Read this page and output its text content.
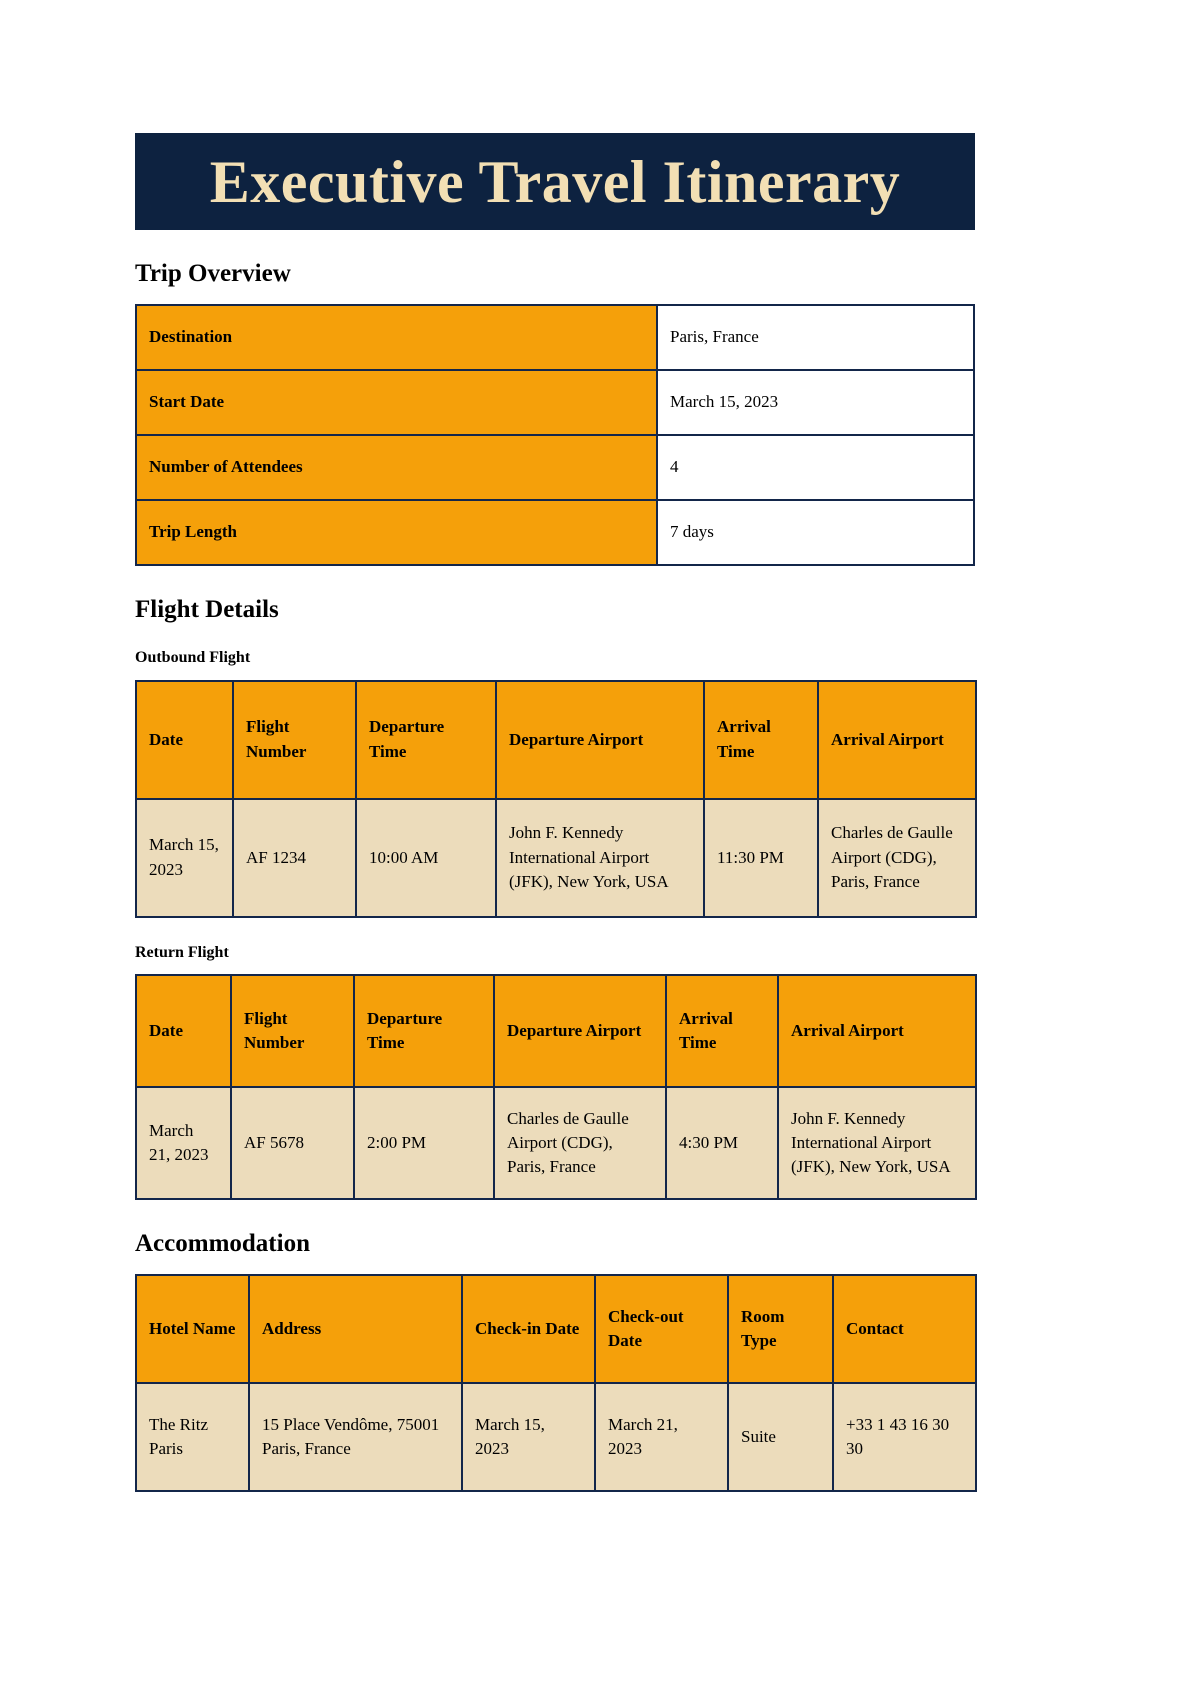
Executive Travel Itinerary
Trip Overview
Destination	Paris, France
Start Date	March 15, 2023
Number of Attendees	4
Trip Length	7 days
Flight Details
Outbound Flight
Date	Flight Number	Departure Time	Departure Airport	Arrival Time	Arrival Airport
March 15, 2023	AF 1234	10:00 AM	John F. Kennedy International Airport (JFK), New York, USA	11:30 PM	Charles de Gaulle Airport (CDG), Paris, France
Return Flight
Date	Flight Number	Departure Time	Departure Airport	Arrival Time	Arrival Airport
March 21, 2023	AF 5678	2:00 PM	Charles de Gaulle Airport (CDG), Paris, France	4:30 PM	John F. Kennedy International Airport (JFK), New York, USA
Accommodation
Hotel Name	Address	Check-in Date	Check-out Date	Room Type	Contact
The Ritz Paris	15 Place Vendôme, 75001 Paris, France	March 15, 2023	March 21, 2023	Suite	+33 1 43 16 30 30
